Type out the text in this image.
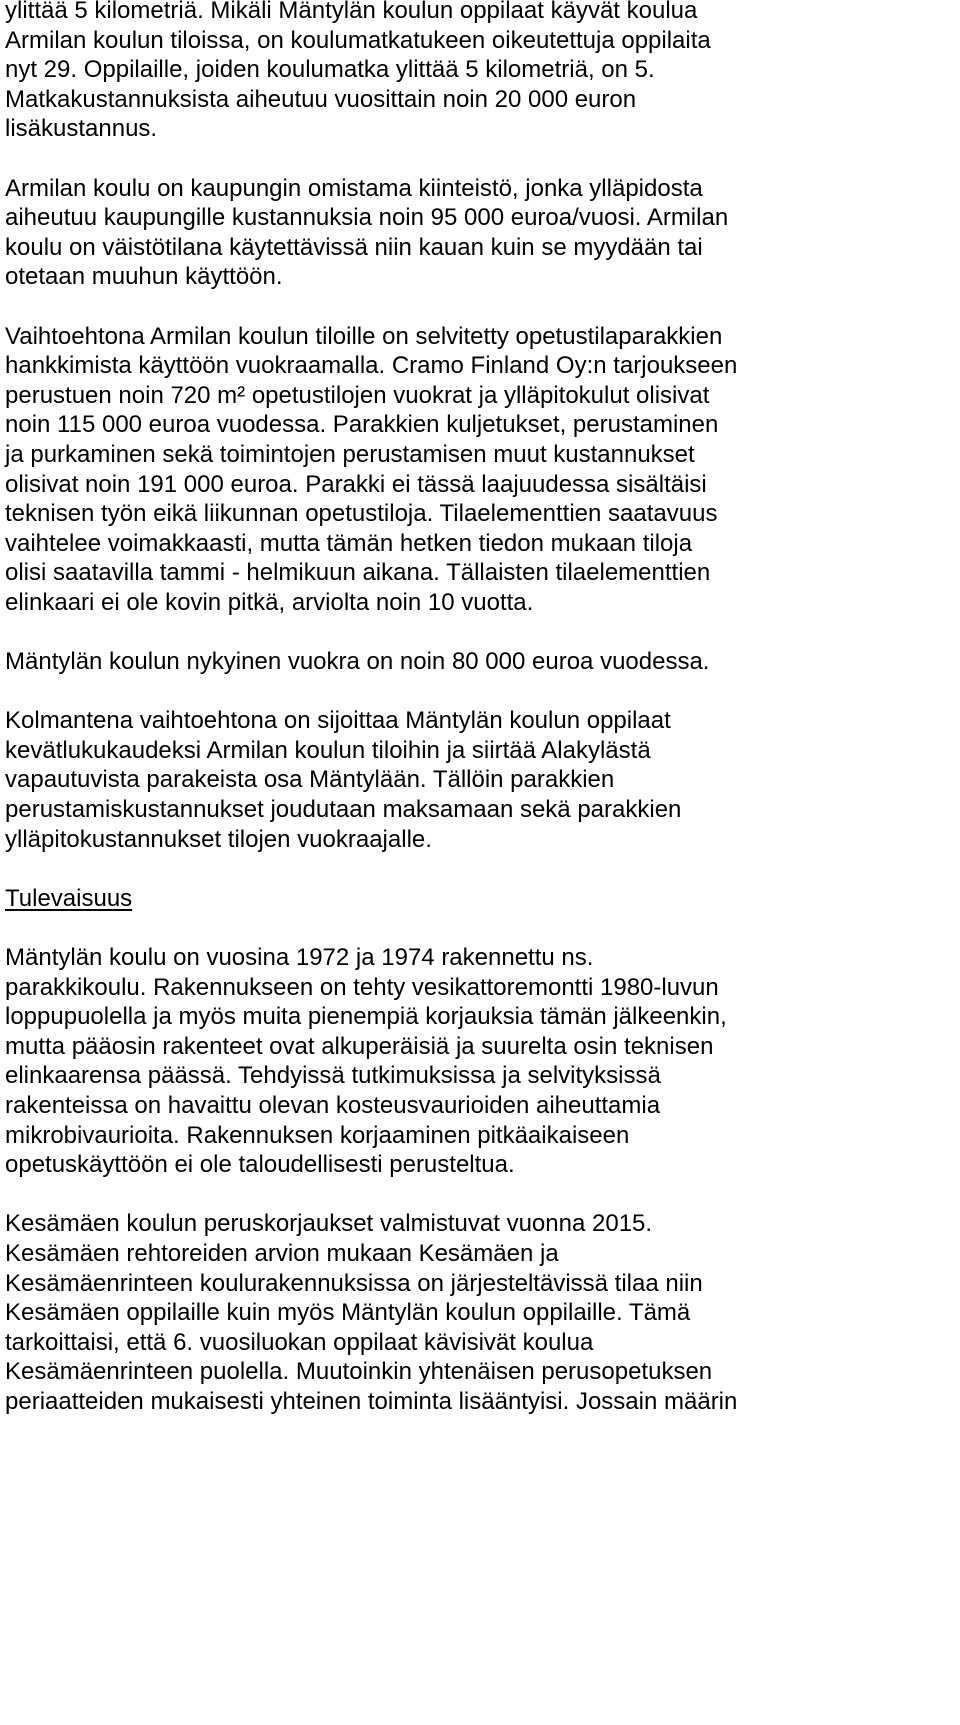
ylittää 5 kilometriä. Mikäli Mäntylän koulun oppilaat käyvät koulua
Armilan koulun tiloissa, on koulumatkatukeen oikeutettuja oppilaita
nyt 29. Oppilaille, joiden koulumatka ylittää 5 kilometriä, on 5.
Matkakustannuksista aiheutuu vuosittain noin 20 000 euron
lisäkustannus.

Armilan koulu on kaupungin omistama kiinteistö, jonka ylläpidosta
aiheutuu kaupungille kustannuksia noin 95 000 euroa/vuosi. Armilan
koulu on väistötilana käytettävissä niin kauan kuin se myydään tai
otetaan muuhun käyttöön.

Vaihtoehtona Armilan koulun tiloille on selvitetty opetustilaparakkien
hankkimista käyttöön vuokraamalla. Cramo Finland Oy:n tarjoukseen
perustuen noin 720 m² opetustilojen vuokrat ja ylläpitokulut olisivat
noin 115 000 euroa vuodessa. Parakkien kuljetukset, perustaminen
ja purkaminen sekä toimintojen perustamisen muut kustannukset
olisivat noin 191 000 euroa. Parakki ei tässä laajuudessa sisältäisi
teknisen työn eikä liikunnan opetustiloja. Tilaelementtien saatavuus
vaihtelee voimakkaasti, mutta tämän hetken tiedon mukaan tiloja
olisi saatavilla tammi - helmikuun aikana. Tällaisten tilaelementtien
elinkaari ei ole kovin pitkä, arviolta noin 10 vuotta.

Mäntylän koulun nykyinen vuokra on noin 80 000 euroa vuodessa.

Kolmantena vaihtoehtona on sijoittaa Mäntylän koulun oppilaat
kevätlukukaudeksi Armilan koulun tiloihin ja siirtää Alakylästä
vapautuvista parakeista osa Mäntylään. Tällöin parakkien
perustamiskustannukset joudutaan maksamaan sekä parakkien
ylläpitokustannukset tilojen vuokraajalle.

Tulevaisuus

Mäntylän koulu on vuosina 1972 ja 1974 rakennettu ns.
parakkikoulu. Rakennukseen on tehty vesikattoremontti 1980-luvun
loppupuolella ja myös muita pienempiä korjauksia tämän jälkeenkin,
mutta pääosin rakenteet ovat alkuperäisiä ja suurelta osin teknisen
elinkaarensa päässä. Tehdyissä tutkimuksissa ja selvityksissä
rakenteissa on havaittu olevan kosteusvaurioiden aiheuttamia
mikrobivaurioita. Rakennuksen korjaaminen pitkäaikaiseen
opetuskäyttöön ei ole taloudellisesti perusteltua.

Kesämäen koulun peruskorjaukset valmistuvat vuonna 2015.
Kesämäen rehtoreiden arvion mukaan Kesämäen ja
Kesämäenrinteen koulurakennuksissa on järjesteltävissä tilaa niin
Kesämäen oppilaille kuin myös Mäntylän koulun oppilaille. Tämä
tarkoittaisi, että 6. vuosiluokan oppilaat kävisivät koulua
Kesämäenrinteen puolella. Muutoinkin yhtenäisen perusopetuksen
periaatteiden mukaisesti yhteinen toiminta lisääntyisi. Jossain määrin
